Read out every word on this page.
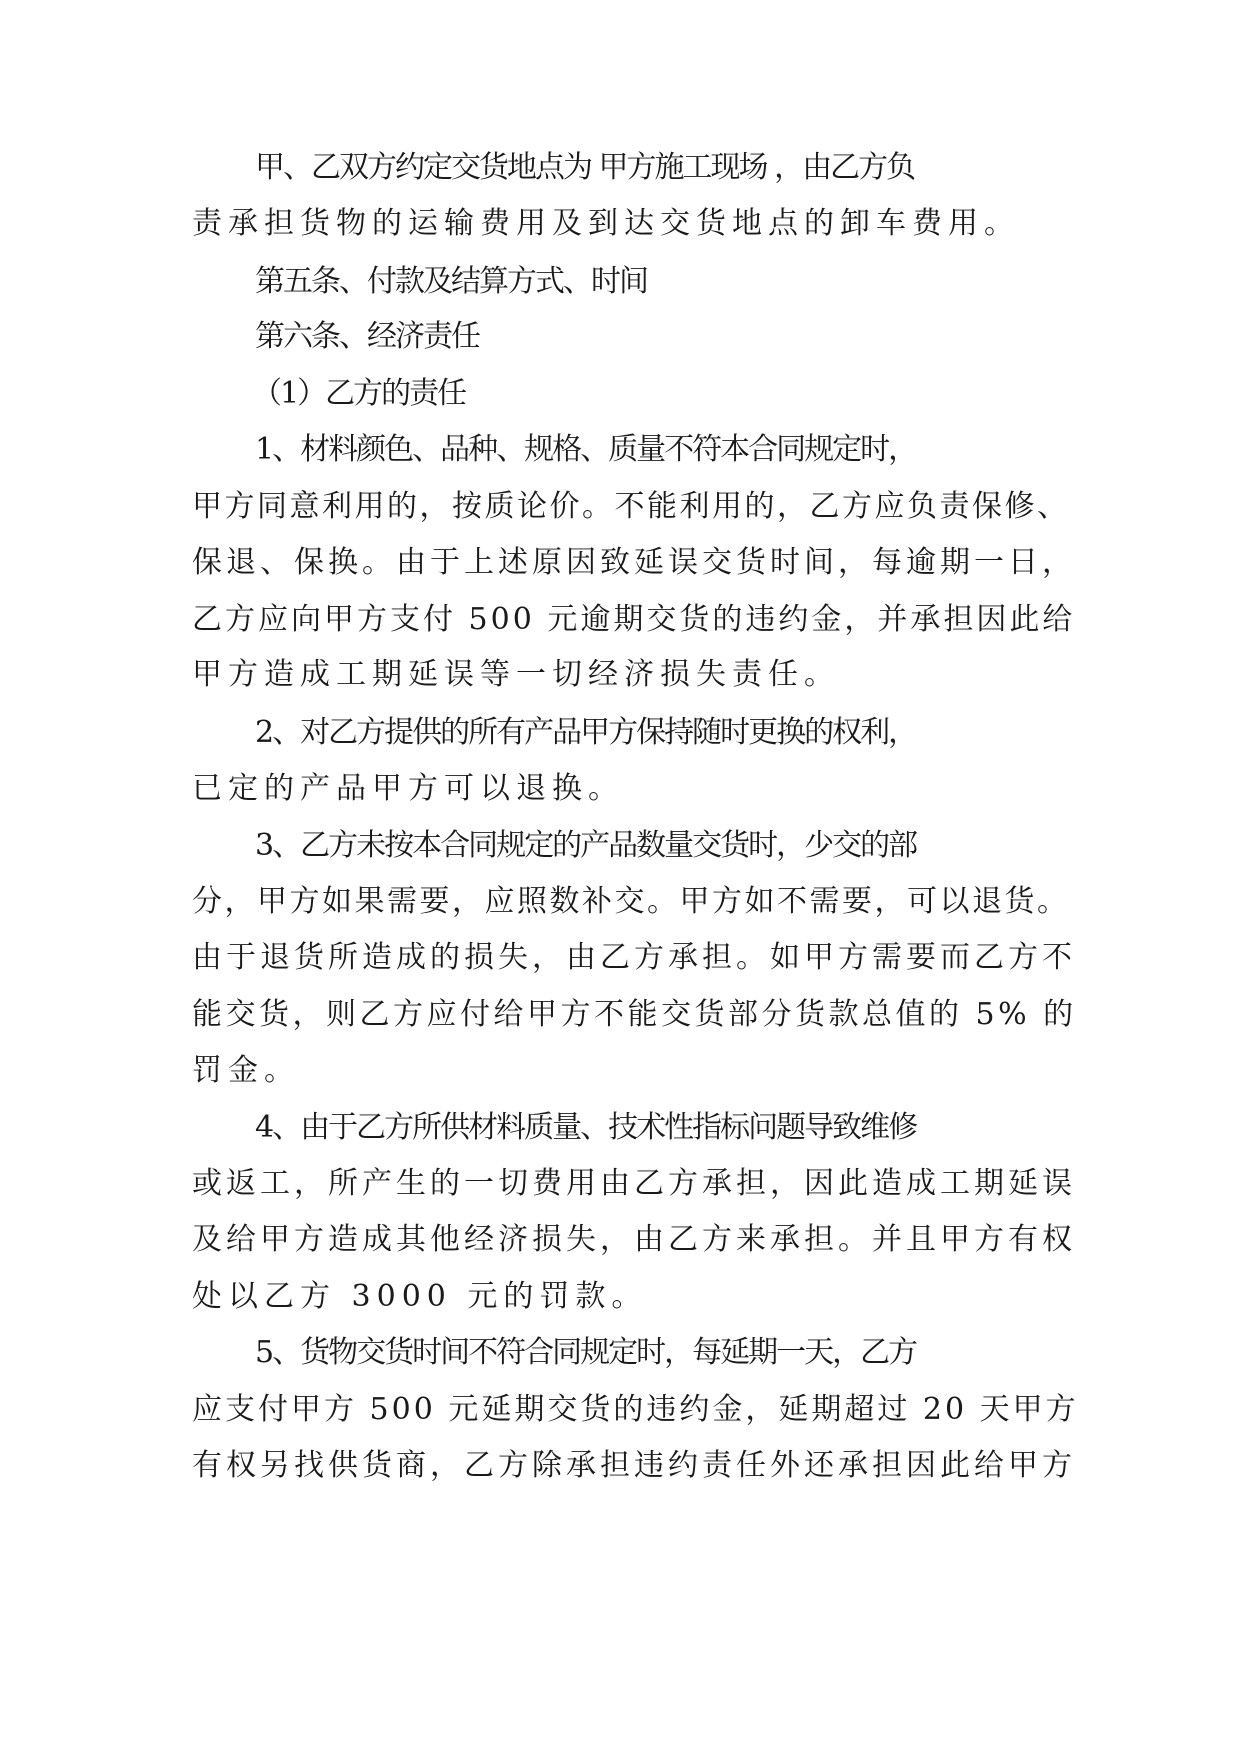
甲、乙双方约定交货地点为 甲方施工现场 ，由乙方负

责承担货物的运输费用及到达交货地点的卸车费用。

第五条、付款及结算方式、时间

第六条、经济责任

（1）乙方的责任

1、材料颜色、品种、规格、质量不符本合同规定时，

甲方同意利用的，按质论价。不能利用的，乙方应负责保修、

保退、保换。由于上述原因致延误交货时间，每逾期一日，

乙方应向甲方支付 500 元逾期交货的违约金，并承担因此给

甲方造成工期延误等一切经济损失责任。

2、对乙方提供的所有产品甲方保持随时更换的权利，

已定的产品甲方可以退换。

3、乙方未按本合同规定的产品数量交货时，少交的部

分，甲方如果需要，应照数补交。甲方如不需要，可以退货。

由于退货所造成的损失，由乙方承担。如甲方需要而乙方不

能交货，则乙方应付给甲方不能交货部分货款总值的 5% 的

罚金。

4、由于乙方所供材料质量、技术性指标问题导致维修

或返工，所产生的一切费用由乙方承担，因此造成工期延误

及给甲方造成其他经济损失，由乙方来承担。并且甲方有权

处以乙方 3000 元的罚款。

5、货物交货时间不符合同规定时，每延期一天，乙方

应支付甲方 500 元延期交货的违约金，延期超过 20 天甲方

有权另找供货商，乙方除承担违约责任外还承担因此给甲方
